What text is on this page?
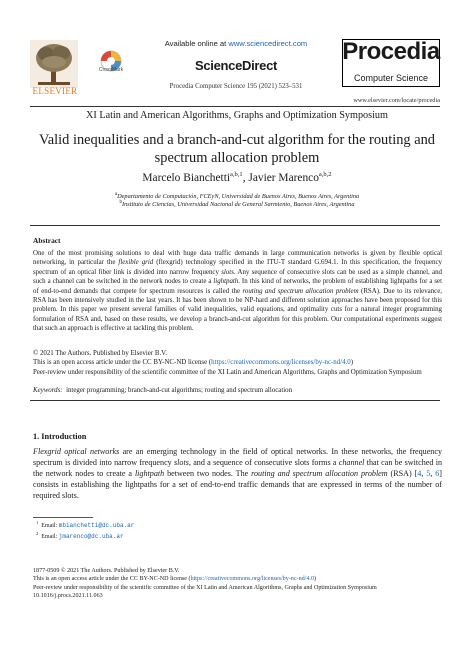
ELSEVIER
CrossMark
Available online at www.sciencedirect.com
ScienceDirect
Procedia Computer Science 195 (2021) 523–531
Procedia
Computer Science
www.elsevier.com/locate/procedia
XI Latin and American Algorithms, Graphs and Optimization Symposium
Valid inequalities and a branch-and-cut algorithm for the routing and spectrum allocation problem
Marcelo Bianchetti$^{a,b,1}$, Javier Marenco$^{a,b,2}$
$^a$Departamento de Computación, FCEyN, Universidad de Buenos Aires, Buenos Aires, Argentina
$^b$Instituto de Ciencias, Universidad Nacional de General Sarmiento, Buenos Aires, Argentina
Abstract
One of the most promising solutions to deal with huge data traffic demands in large communication networks is given by flexible optical networking, in particular the flexible grid (flexgrid) technology specified in the ITU-T standard G.694.1. In this specification, the frequency spectrum of an optical fiber link is divided into narrow frequency slots. Any sequence of consecutive slots can be used as a simple channel, and such a channel can be switched in the network nodes to create a lightpath. In this kind of networks, the problem of establishing lightpaths for a set of end-to-end demands that compete for spectrum resources is called the routing and spectrum allocation problem (RSA). Due to its relevance, RSA has been intensively studied in the last years. It has been shown to be NP-hard and different solution approaches have been proposed for this problem. In this paper we present several families of valid inequalities, valid equations, and optimality cuts for a natural integer programming formulation of RSA and, based on these results, we develop a branch-and-cut algorithm for this problem. Our computational experiments suggest that such an approach is effective at tackling this problem.
© 2021 The Authors. Published by Elsevier B.V.
This is an open access article under the CC BY-NC-ND license (https://creativecommons.org/licenses/by-nc-nd/4.0)
Peer-review under responsibility of the scientific committee of the XI Latin and American Algorithms, Graphs and Optimization Symposium
Keywords: integer programming; branch-and-cut algorithms; routing and spectrum allocation
1. Introduction
Flexgrid optical networks are an emerging technology in the field of optical networks. In these networks, the frequency spectrum is divided into narrow frequency slots, and a sequence of consecutive slots forms a channel that can be switched in the network nodes to create a lightpath between two nodes. The routing and spectrum allocation problem (RSA) [4, 5, 6] consists in establishing the lightpaths for a set of end-to-end traffic demands that are expressed in terms of the number of required slots.
$^1$  Email: mbianchetti@dc.uba.ar
$^2$  Email: jmarenco@dc.uba.ar
1877-0509 © 2021 The Authors. Published by Elsevier B.V.
This is an open access article under the CC BY-NC-ND license (https://creativecommons.org/licenses/by-nc-nd/4.0)
Peer-review under responsibility of the scientific committee of the XI Latin and American Algorithms, Graphs and Optimization Symposium
10.1016/j.procs.2021.11.063
